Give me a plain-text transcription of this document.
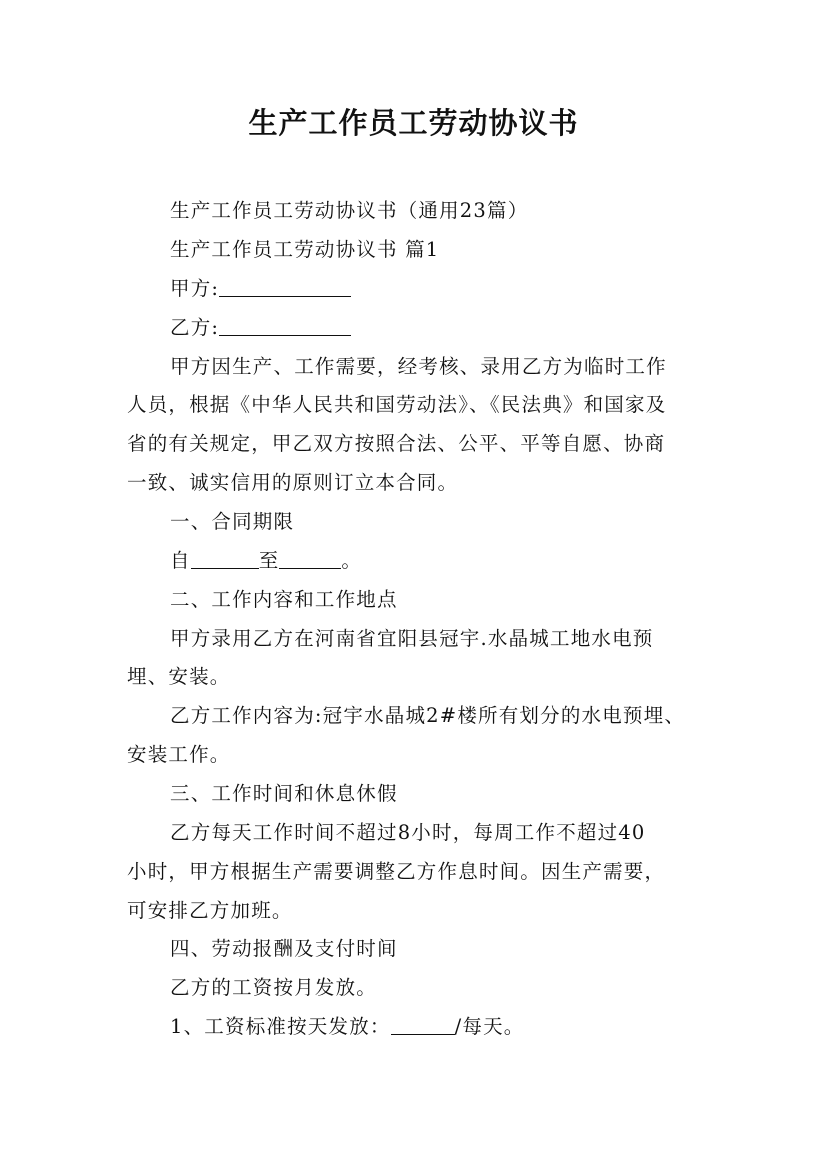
生产工作员工劳动协议书
生产工作员工劳动协议书（通用23篇）
生产工作员工劳动协议书 篇1
甲方:
乙方:
甲方因生产、工作需要，经考核、录用乙方为临时工作
人员，根据《中华人民共和国劳动法》、《民法典》和国家及
省的有关规定，甲乙双方按照合法、公平、平等自愿、协商
一致、诚实信用的原则订立本合同。
一、合同期限
自	至	。
二、工作内容和工作地点
甲方录用乙方在河南省宜阳县冠宇.水晶城工地水电预
埋、安装。
乙方工作内容为:冠宇水晶城2#楼所有划分的水电预埋、
安装工作。
三、工作时间和休息休假
乙方每天工作时间不超过8小时，每周工作不超过40
小时，甲方根据生产需要调整乙方作息时间。因生产需要，
可安排乙方加班。
四、劳动报酬及支付时间
乙方的工资按月发放。
1、工资标准按天发放：	/每天。
